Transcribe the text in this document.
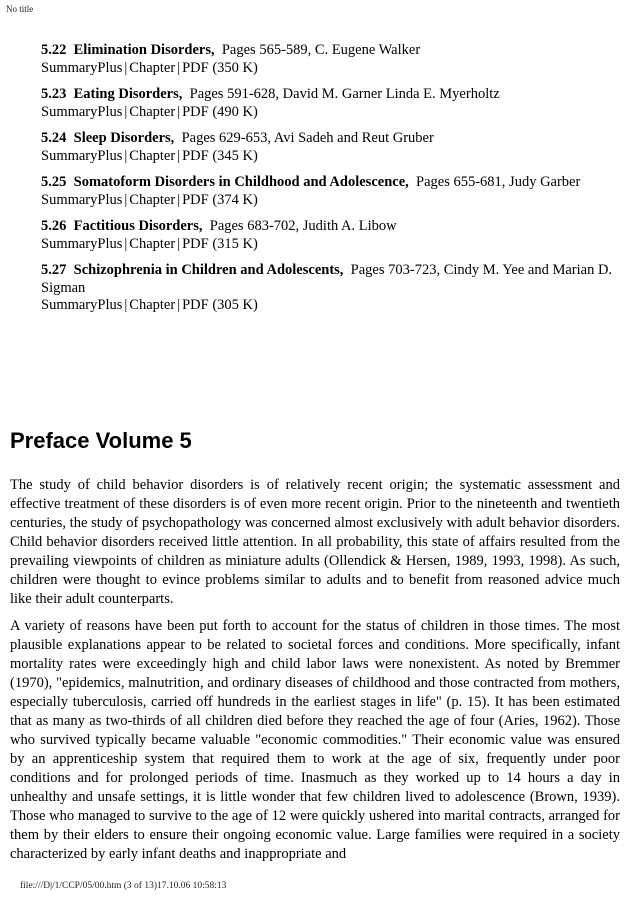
No title
5.22 Elimination Disorders, Pages 565-589, C. Eugene Walker
SummaryPlus | Chapter | PDF (350 K)
5.23 Eating Disorders, Pages 591-628, David M. Garner Linda E. Myerholtz
SummaryPlus | Chapter | PDF (490 K)
5.24 Sleep Disorders, Pages 629-653, Avi Sadeh and Reut Gruber
SummaryPlus | Chapter | PDF (345 K)
5.25 Somatoform Disorders in Childhood and Adolescence, Pages 655-681, Judy Garber
SummaryPlus | Chapter | PDF (374 K)
5.26 Factitious Disorders, Pages 683-702, Judith A. Libow
SummaryPlus | Chapter | PDF (315 K)
5.27 Schizophrenia in Children and Adolescents, Pages 703-723, Cindy M. Yee and Marian D. Sigman
SummaryPlus | Chapter | PDF (305 K)
Preface Volume 5

The study of child behavior disorders is of relatively recent origin; the systematic assessment and effective treatment of these disorders is of even more recent origin. Prior to the nineteenth and twentieth centuries, the study of psychopathology was concerned almost exclusively with adult behavior disorders. Child behavior disorders received little attention. In all probability, this state of affairs resulted from the prevailing viewpoints of children as miniature adults (Ollendick & Hersen, 1989, 1993, 1998). As such, children were thought to evince problems similar to adults and to benefit from reasoned advice much like their adult counterparts.

A variety of reasons have been put forth to account for the status of children in those times. The most plausible explanations appear to be related to societal forces and conditions. More specifically, infant mortality rates were exceedingly high and child labor laws were nonexistent. As noted by Bremmer (1970), "epidemics, malnutrition, and ordinary diseases of childhood and those contracted from mothers, especially tuberculosis, carried off hundreds in the earliest stages in life" (p. 15). It has been estimated that as many as two-thirds of all children died before they reached the age of four (Aries, 1962). Those who survived typically became valuable "economic commodities." Their economic value was ensured by an apprenticeship system that required them to work at the age of six, frequently under poor conditions and for prolonged periods of time. Inasmuch as they worked up to 14 hours a day in unhealthy and unsafe settings, it is little wonder that few children lived to adolescence (Brown, 1939). Those who managed to survive to the age of 12 were quickly ushered into marital contracts, arranged for them by their elders to ensure their ongoing economic value. Large families were required in a society characterized by early infant deaths and inappropriate and

file:///D|/1/CCP/05/00.htm (3 of 13)17.10.06 10:58:13
